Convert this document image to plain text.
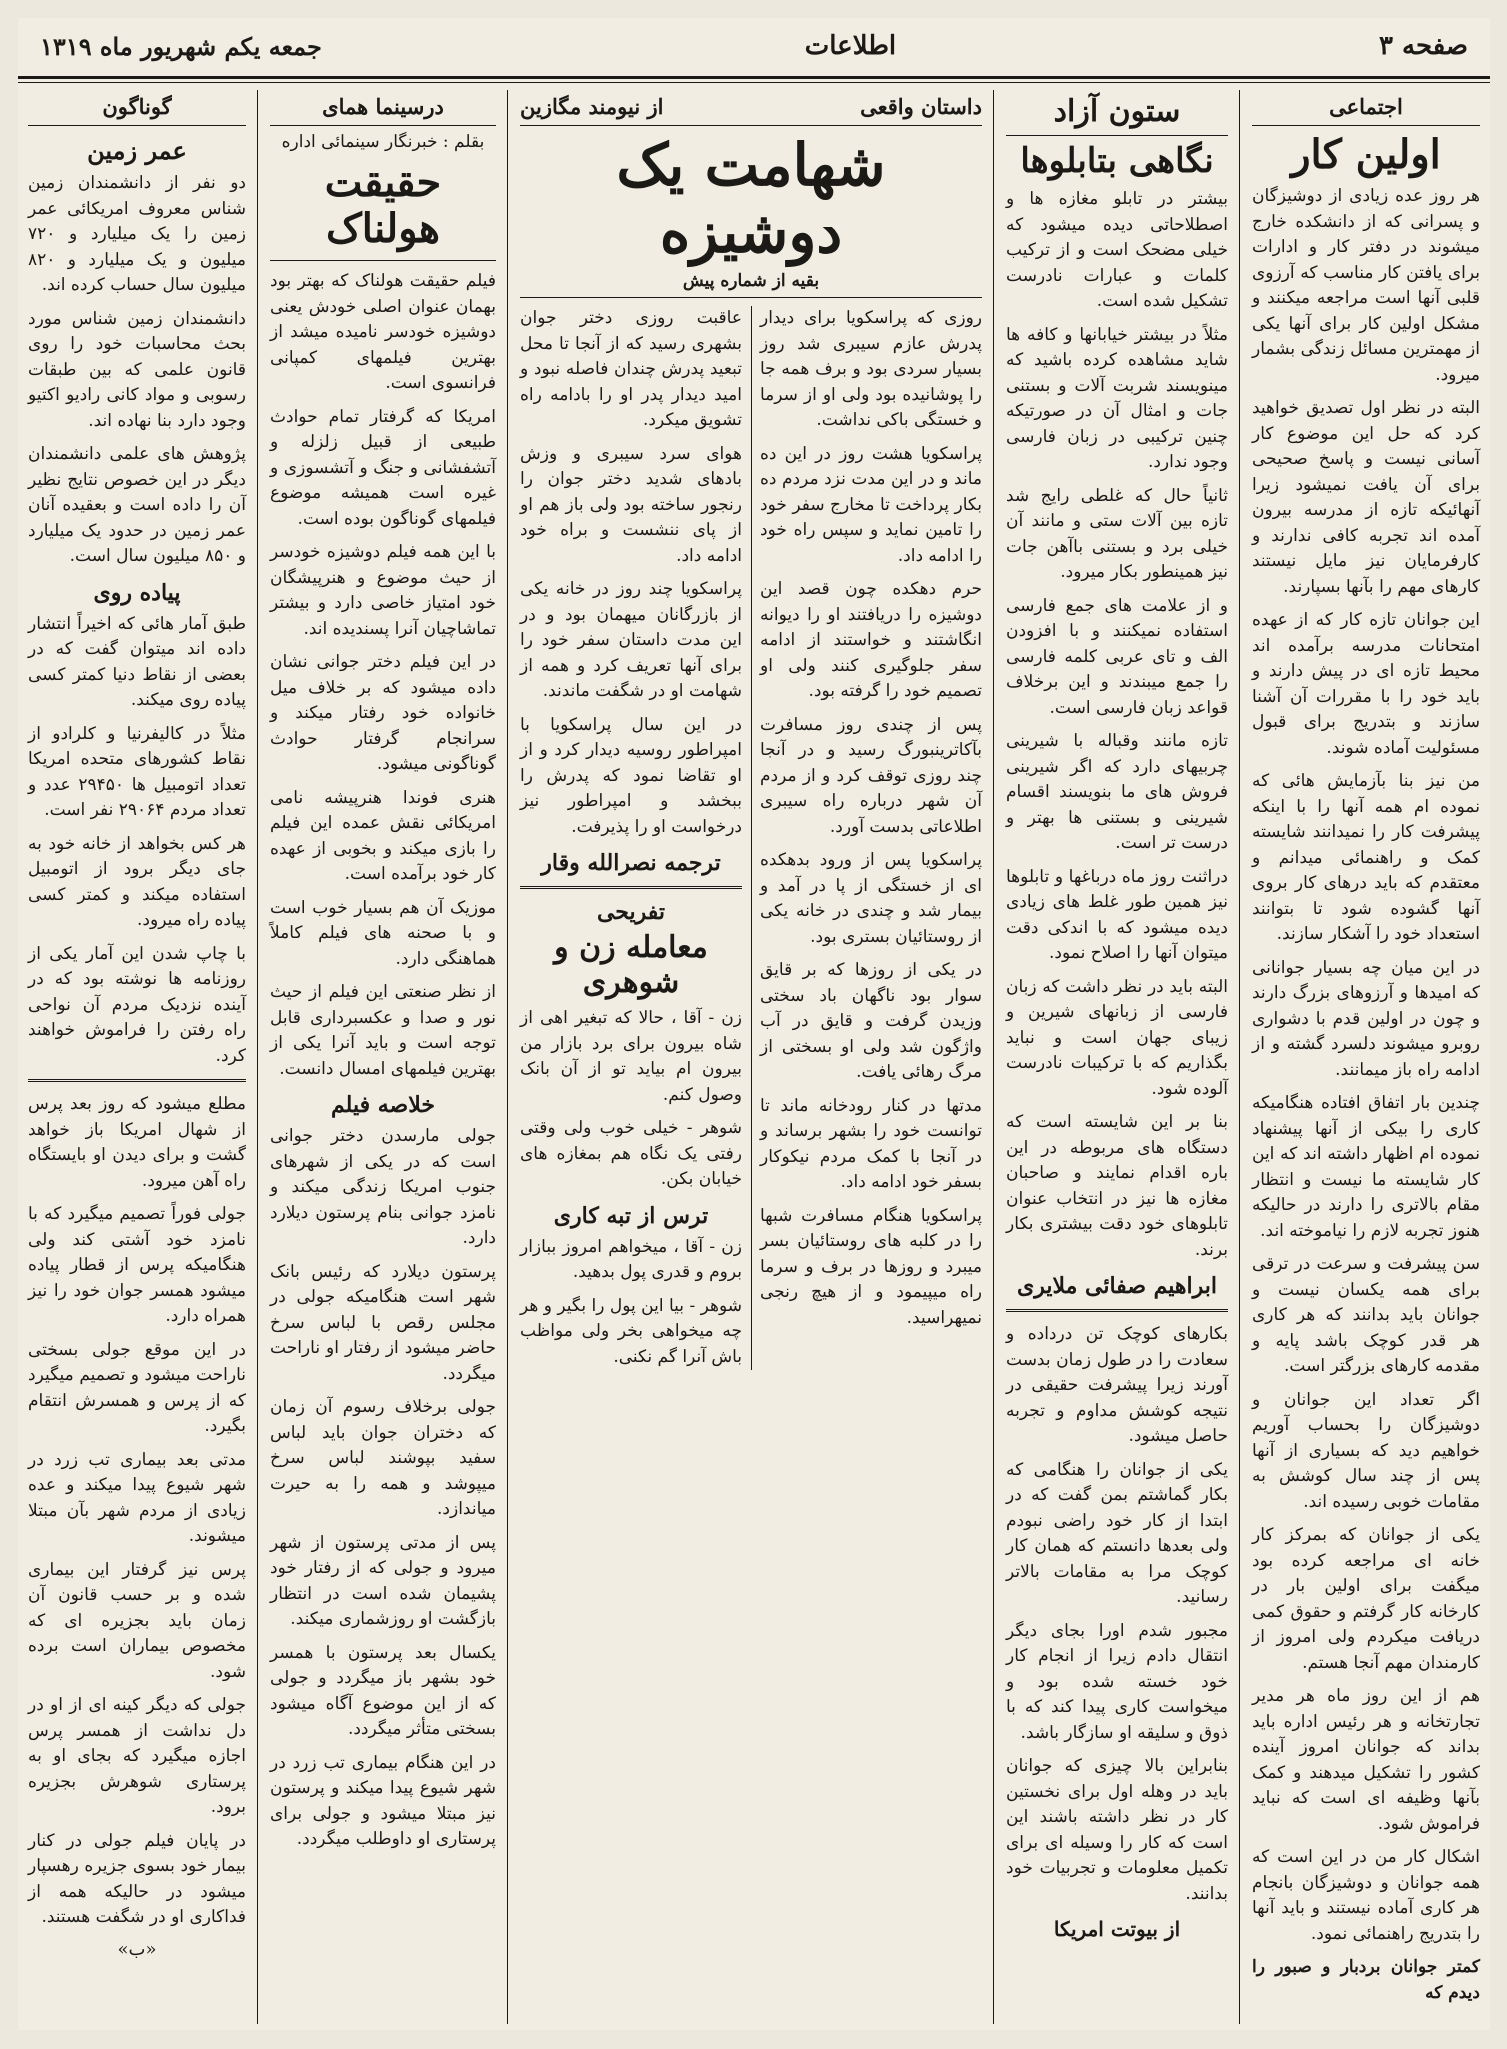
صفحه ۳
اطلاعات
جمعه یکم شهریور ماه ۱۳۱۹
اجتماعی
اولین کار

هر روز عده زیادی از دوشیزگان و پسرانی که از دانشکده خارج میشوند در دفتر کار و ادارات برای یافتن کار مناسب که آرزوی قلبی آنها است مراجعه میکنند و مشکل اولین کار برای آنها یکی از مهمترین مسائل زندگی بشمار میرود.

البته در نظر اول تصدیق خواهید کرد که حل این موضوع کار آسانی نیست و پاسخ صحیحی برای آن یافت نمیشود زیرا آنهائیکه تازه از مدرسه بیرون آمده اند تجربه کافی ندارند و کارفرمایان نیز مایل نیستند کارهای مهم را بآنها بسپارند.

این جوانان تازه کار که از عهده امتحانات مدرسه برآمده اند محیط تازه ای در پیش دارند و باید خود را با مقررات آن آشنا سازند و بتدریج برای قبول مسئولیت آماده شوند.

من نیز بنا بآزمایش هائی که نموده ام همه آنها را با اینکه پیشرفت کار را نمیدانند شایسته کمک و راهنمائی میدانم و معتقدم که باید درهای کار بروی آنها گشوده شود تا بتوانند استعداد خود را آشکار سازند.

در این میان چه بسیار جوانانی که امیدها و آرزوهای بزرگ دارند و چون در اولین قدم با دشواری روبرو میشوند دلسرد گشته و از ادامه راه باز میمانند.

چندین بار اتفاق افتاده هنگامیکه کاری را بیکی از آنها پیشنهاد نموده ام اظهار داشته اند که این کار شایسته ما نیست و انتظار مقام بالاتری را دارند در حالیکه هنوز تجربه لازم را نیاموخته اند.

سن پیشرفت و سرعت در ترقی برای همه یکسان نیست و جوانان باید بدانند که هر کاری هر قدر کوچک باشد پایه و مقدمه کارهای بزرگتر است.

اگر تعداد این جوانان و دوشیزگان را بحساب آوریم خواهیم دید که بسیاری از آنها پس از چند سال کوشش به مقامات خوبی رسیده اند.

یکی از جوانان که بمرکز کار خانه ای مراجعه کرده بود میگفت برای اولین بار در کارخانه کار گرفتم و حقوق کمی دریافت میکردم ولی امروز از کارمندان مهم آنجا هستم.

هم از این روز ماه هر مدیر تجارتخانه و هر رئیس اداره باید بداند که جوانان امروز آینده کشور را تشکیل میدهند و کمک بآنها وظیفه ای است که نباید فراموش شود.

اشکال کار من در این است که همه جوانان و دوشیزگان بانجام هر کاری آماده نیستند و باید آنها را بتدریج راهنمائی نمود.

کمتر جوانان بردبار و صبور را دیدم که

ستون آزاد
نگاهی بتابلوها

بیشتر در تابلو مغازه ها و اصطلاحاتی دیده میشود که خیلی مضحک است و از ترکیب کلمات و عبارات نادرست تشکیل شده است.

مثلاً در بیشتر خیابانها و کافه ها شاید مشاهده کرده باشید که مینویسند شربت آلات و بستنی جات و امثال آن در صورتیکه چنین ترکیبی در زبان فارسی وجود ندارد.

ثانیاً حال که غلطی رایج شد تازه بین آلات ستی و مانند آن خیلی برد و بستنی باآهن جات نیز همینطور بکار میرود.

و از علامت های جمع فارسی استفاده نمیکنند و با افزودن الف و تای عربی کلمه فارسی را جمع میبندند و این برخلاف قواعد زبان فارسی است.

تازه مانند وقباله با شیرینی چربیهای دارد که اگر شیرینی فروش های ما بنویسند اقسام شیرینی و بستنی ها بهتر و درست تر است.

دراثنت روز ماه درباغها و تابلوها نیز همین طور غلط های زیادی دیده میشود که با اندکی دقت میتوان آنها را اصلاح نمود.

البته باید در نظر داشت که زبان فارسی از زبانهای شیرین و زیبای جهان است و نباید بگذاریم که با ترکیبات نادرست آلوده شود.

بنا بر این شایسته است که دستگاه های مربوطه در این باره اقدام نمایند و صاحبان مغازه ها نیز در انتخاب عنوان تابلوهای خود دقت بیشتری بکار برند.

ابراهیم صفائی ملایری

بکارهای کوچک تن درداده و سعادت را در طول زمان بدست آورند زیرا پیشرفت حقیقی در نتیجه کوشش مداوم و تجربه حاصل میشود.

یکی از جوانان را هنگامی که بکار گماشتم بمن گفت که در ابتدا از کار خود راضی نبودم ولی بعدها دانستم که همان کار کوچک مرا به مقامات بالاتر رسانید.

مجبور شدم اورا بجای دیگر انتقال دادم زیرا از انجام کار خود خسته شده بود و میخواست کاری پیدا کند که با ذوق و سلیقه او سازگار باشد.

بنابراین بالا چیزی که جوانان باید در وهله اول برای نخستین کار در نظر داشته باشند این است که کار را وسیله ای برای تکمیل معلومات و تجربیات خود بدانند.

از بیوتت امریکا
داستان واقعی
از نیومند مگازین
شهامت یک دوشیزه
بقیه از شماره پیش

روزی که پراسکویا برای دیدار پدرش عازم سیبری شد روز بسیار سردی بود و برف همه جا را پوشانیده بود ولی او از سرما و خستگی باکی نداشت.

پراسکویا هشت روز در این ده ماند و در این مدت نزد مردم ده بکار پرداخت تا مخارج سفر خود را تامین نماید و سپس راه خود را ادامه داد.

حرم دهکده چون قصد این دوشیزه را دریافتند او را دیوانه انگاشتند و خواستند از ادامه سفر جلوگیری کنند ولی او تصمیم خود را گرفته بود.

پس از چندی روز مسافرت بآکاترینبورگ رسید و در آنجا چند روزی توقف کرد و از مردم آن شهر درباره راه سیبری اطلاعاتی بدست آورد.

پراسکویا پس از ورود بدهکده ای از خستگی از پا در آمد و بیمار شد و چندی در خانه یکی از روستائیان بستری بود.

در یکی از روزها که بر قایق سوار بود ناگهان باد سختی وزیدن گرفت و قایق در آب واژگون شد ولی او بسختی از مرگ رهائی یافت.

مدتها در کنار رودخانه ماند تا توانست خود را بشهر برساند و در آنجا با کمک مردم نیکوکار بسفر خود ادامه داد.

پراسکویا هنگام مسافرت شبها را در کلبه های روستائیان بسر میبرد و روزها در برف و سرما راه میپیمود و از هیچ رنجی نمیهراسید.

عاقبت روزی دختر جوان بشهری رسید که از آنجا تا محل تبعید پدرش چندان فاصله نبود و امید دیدار پدر او را بادامه راه تشویق میکرد.

هوای سرد سیبری و وزش بادهای شدید دختر جوان را رنجور ساخته بود ولی باز هم او از پای ننشست و براه خود ادامه داد.

پراسکویا چند روز در خانه یکی از بازرگانان میهمان بود و در این مدت داستان سفر خود را برای آنها تعریف کرد و همه از شهامت او در شگفت ماندند.

در این سال پراسکویا با امپراطور روسیه دیدار کرد و از او تقاضا نمود که پدرش را ببخشد و امپراطور نیز درخواست او را پذیرفت.

ترجمه نصرالله وقار
تفریحی
معامله زن و شوهری

زن - آقا ، حالا که تبغیر اهی از شاه بیرون برای برد بازار من بیرون ام بیاید تو از آن بانک وصول کنم.

شوهر - خیلی خوب ولی وقتی رفتی یک نگاه هم بمغازه های خیابان بکن.

ترس از تبه کاری

زن - آقا ، میخواهم امروز ببازار بروم و قدری پول بدهید.

شوهر - بیا این پول را بگیر و هر چه میخواهی بخر ولی مواظب باش آنرا گم نکنی.

درسینما همای
بقلم : خبرنگار سینمائی اداره
حقیقت هولناک

فیلم حقیقت هولناک که بهتر بود بهمان عنوان اصلی خودش یعنی دوشیزه خودسر نامیده میشد از بهترین فیلمهای کمپانی فرانسوی است.

امریکا که گرفتار تمام حوادث طبیعی از قبیل زلزله و آتشفشانی و جنگ و آتشسوزی و غیره است همیشه موضوع فیلمهای گوناگون بوده است.

با این همه فیلم دوشیزه خودسر از حیث موضوع و هنرپیشگان خود امتیاز خاصی دارد و بیشتر تماشاچیان آنرا پسندیده اند.

در این فیلم دختر جوانی نشان داده میشود که بر خلاف میل خانواده خود رفتار میکند و سرانجام گرفتار حوادث گوناگونی میشود.

هنری فوندا هنرپیشه نامی امریکائی نقش عمده این فیلم را بازی میکند و بخوبی از عهده کار خود برآمده است.

موزیک آن هم بسیار خوب است و با صحنه های فیلم کاملاً هماهنگی دارد.

از نظر صنعتی این فیلم از حیث نور و صدا و عکسبرداری قابل توجه است و باید آنرا یکی از بهترین فیلمهای امسال دانست.

خلاصه فیلم

جولی مارسدن دختر جوانی است که در یکی از شهرهای جنوب امریکا زندگی میکند و نامزد جوانی بنام پرستون دیلارد دارد.

پرستون دیلارد که رئیس بانک شهر است هنگامیکه جولی در مجلس رقص با لباس سرخ حاضر میشود از رفتار او ناراحت میگردد.

جولی برخلاف رسوم آن زمان که دختران جوان باید لباس سفید بپوشند لباس سرخ میپوشد و همه را به حیرت میاندازد.

پس از مدتی پرستون از شهر میرود و جولی که از رفتار خود پشیمان شده است در انتظار بازگشت او روزشماری میکند.

یکسال بعد پرستون با همسر خود بشهر باز میگردد و جولی که از این موضوع آگاه میشود بسختی متأثر میگردد.

در این هنگام بیماری تب زرد در شهر شیوع پیدا میکند و پرستون نیز مبتلا میشود و جولی برای پرستاری او داوطلب میگردد.

گوناگون
عمر زمین

دو نفر از دانشمندان زمین شناس معروف امریکائی عمر زمین را یک میلیارد و ۷۲۰ میلیون و یک میلیارد و ۸۲۰ میلیون سال حساب کرده اند.

دانشمندان زمین شناس مورد بحث محاسبات خود را روی قانون علمی که بین طبقات رسوبی و مواد کانی رادیو اکتیو وجود دارد بنا نهاده اند.

پژوهش های علمی دانشمندان دیگر در این خصوص نتایج نظیر آن را داده است و بعقیده آنان عمر زمین در حدود یک میلیارد و ۸۵۰ میلیون سال است.

پیاده روی

طبق آمار هائی که اخیراً انتشار داده اند میتوان گفت که در بعضی از نقاط دنیا کمتر کسی پیاده روی میکند.

مثلاً در کالیفرنیا و کلرادو از نقاط کشورهای متحده امریکا تعداد اتومبیل ها ۲۹۴۵۰ عدد و تعداد مردم ۲۹۰۶۴ نفر است.

هر کس بخواهد از خانه خود به جای دیگر برود از اتومبیل استفاده میکند و کمتر کسی پیاده راه میرود.

با چاپ شدن این آمار یکی از روزنامه ها نوشته بود که در آینده نزدیک مردم آن نواحی راه رفتن را فراموش خواهند کرد.

مطلع میشود که روز بعد پرس از شهال امریکا باز خواهد گشت و برای دیدن او بایستگاه راه آهن میرود.

جولی فوراً تصمیم میگیرد که با نامزد خود آشتی کند ولی هنگامیکه پرس از قطار پیاده میشود همسر جوان خود را نیز همراه دارد.

در این موقع جولی بسختی ناراحت میشود و تصمیم میگیرد که از پرس و همسرش انتقام بگیرد.

مدتی بعد بیماری تب زرد در شهر شیوع پیدا میکند و عده زیادی از مردم شهر بآن مبتلا میشوند.

پرس نیز گرفتار این بیماری شده و بر حسب قانون آن زمان باید بجزیره ای که مخصوص بیماران است برده شود.

جولی که دیگر کینه ای از او در دل نداشت از همسر پرس اجازه میگیرد که بجای او به پرستاری شوهرش بجزیره برود.

در پایان فیلم جولی در کنار بیمار خود بسوی جزیره رهسپار میشود در حالیکه همه از فداکاری او در شگفت هستند.

«ب»
